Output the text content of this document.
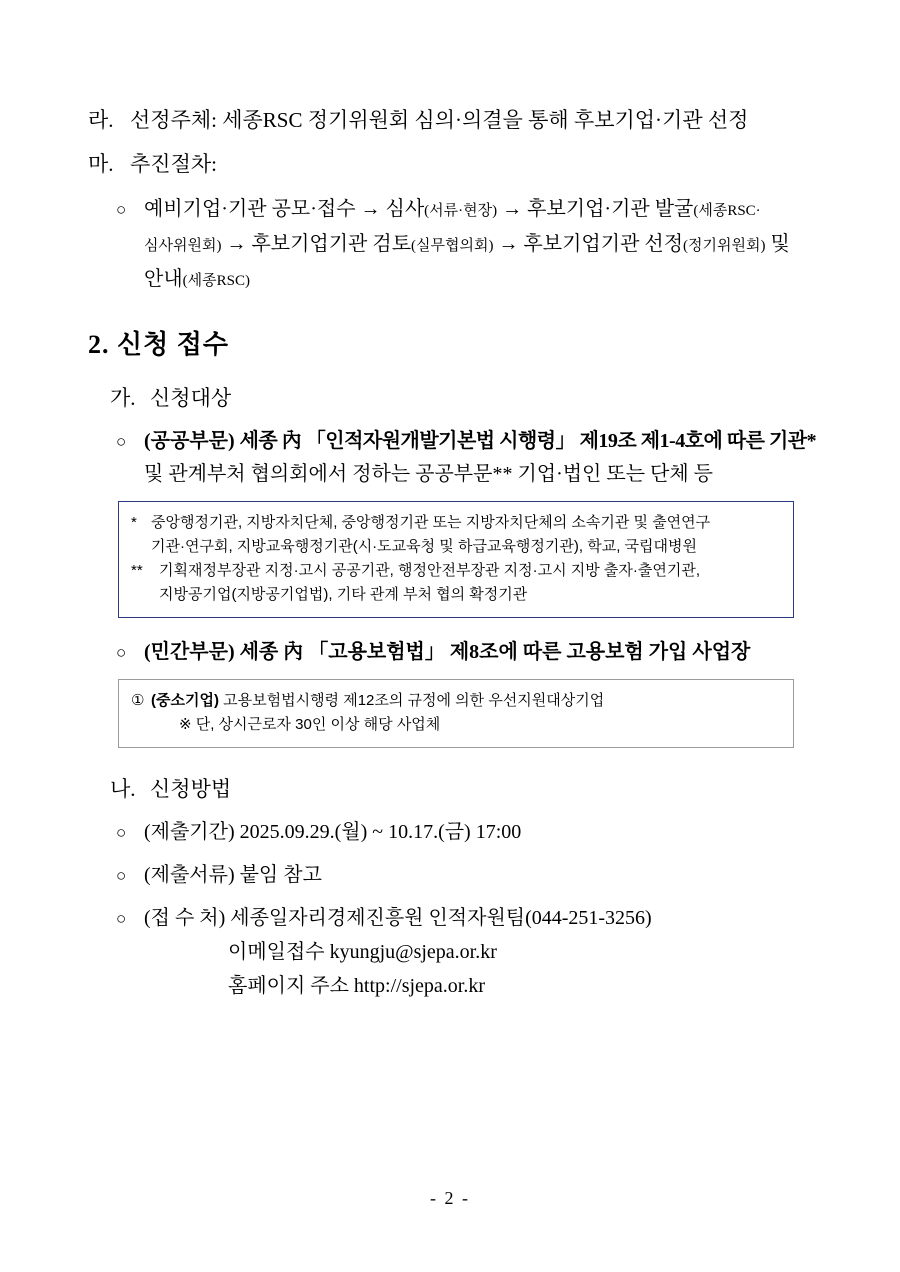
라. 선정주체: 세종RSC 정기위원회 심의·의결을 통해 후보기업·기관 선정
마. 추진절차:
○ 예비기업·기관 공모·접수 → 심사(서류·현장) → 후보기업·기관 발굴(세종RSC·
심사위원회) → 후보기업기관 검토(실무협의회) → 후보기업기관 선정(정기위원회) 및
안내(세종RSC)
2. 신청 접수
가. 신청대상
○ (공공부문) 세종 內 「인적자원개발기본법 시행령」 제19조 제1-4호에 따른 기관*
및 관계부처 협의회에서 정하는 공공부문** 기업·법인 또는 단체 등
* 중앙행정기관, 지방자치단체, 중앙행정기관 또는 지방자치단체의 소속기관 및 출연연구
기관·연구회, 지방교육행정기관(시·도교육청 및 하급교육행정기관), 학교, 국립대병원
**	기획재정부장관 지정·고시 공공기관, 행정안전부장관 지정·고시 지방 출자·출연기관,
지방공기업(지방공기업법), 기타 관계 부처 협의 확정기관
○ (민간부문) 세종 內 「고용보험법」 제8조에 따른 고용보험 가입 사업장
① (중소기업) 고용보험법시행령 제12조의 규정에 의한 우선지원대상기업
※ 단, 상시근로자 30인 이상 해당 사업체
나. 신청방법
○ (제출기간) 2025.09.29.(월) ~ 10.17.(금) 17:00
○ (제출서류) 붙임 참고
○ (접 수 처) 세종일자리경제진흥원 인적자원팀(044-251-3256)
이메일접수 kyungju@sjepa.or.kr
홈페이지 주소 http://sjepa.or.kr
- 2 -
